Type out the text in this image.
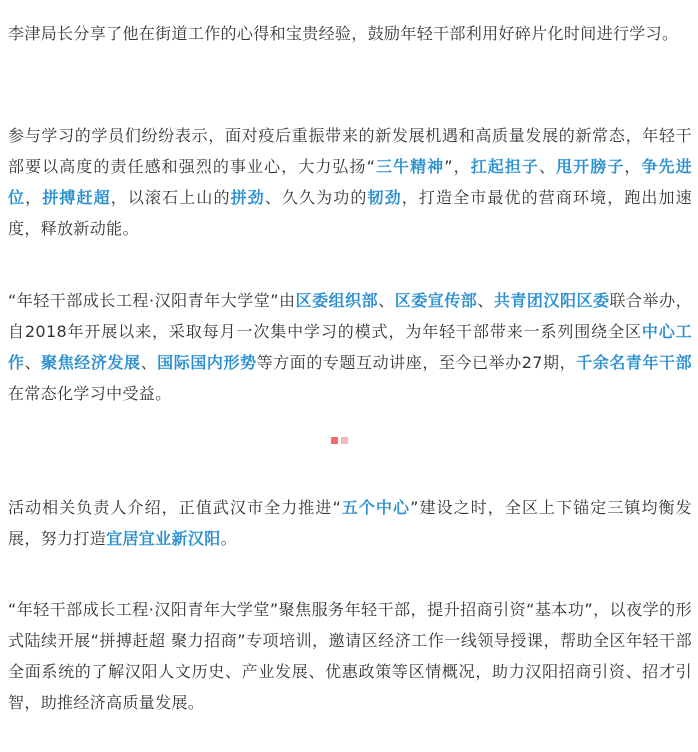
李津局长分享了他在街道工作的心得和宝贵经验，鼓励年轻干部利用好碎片化时间进行学习。

参与学习的学员们纷纷表示，面对疫后重振带来的新发展机遇和高质量发展的新常态，年轻干部要以高度的责任感和强烈的事业心，大力弘扬“三牛精神”，扛起担子、甩开膀子，争先进位，拼搏赶超，以滚石上山的拼劲、久久为功的韧劲，打造全市最优的营商环境，跑出加速度，释放新动能。

“年轻干部成长工程·汉阳青年大学堂”由区委组织部、区委宣传部、共青团汉阳区委联合举办，自2018年开展以来，采取每月一次集中学习的模式，为年轻干部带来一系列围绕全区中心工作、聚焦经济发展、国际国内形势等方面的专题互动讲座，至今已举办27期，千余名青年干部在常态化学习中受益。

活动相关负责人介绍，正值武汉市全力推进“五个中心”建设之时，全区上下锚定三镇均衡发展，努力打造宜居宜业新汉阳。

“年轻干部成长工程·汉阳青年大学堂”聚焦服务年轻干部，提升招商引资“基本功”，以夜学的形式陆续开展“拼搏赶超 聚力招商”专项培训，邀请区经济工作一线领导授课，帮助全区年轻干部全面系统的了解汉阳人文历史、产业发展、优惠政策等区情概况，助力汉阳招商引资、招才引智，助推经济高质量发展。
